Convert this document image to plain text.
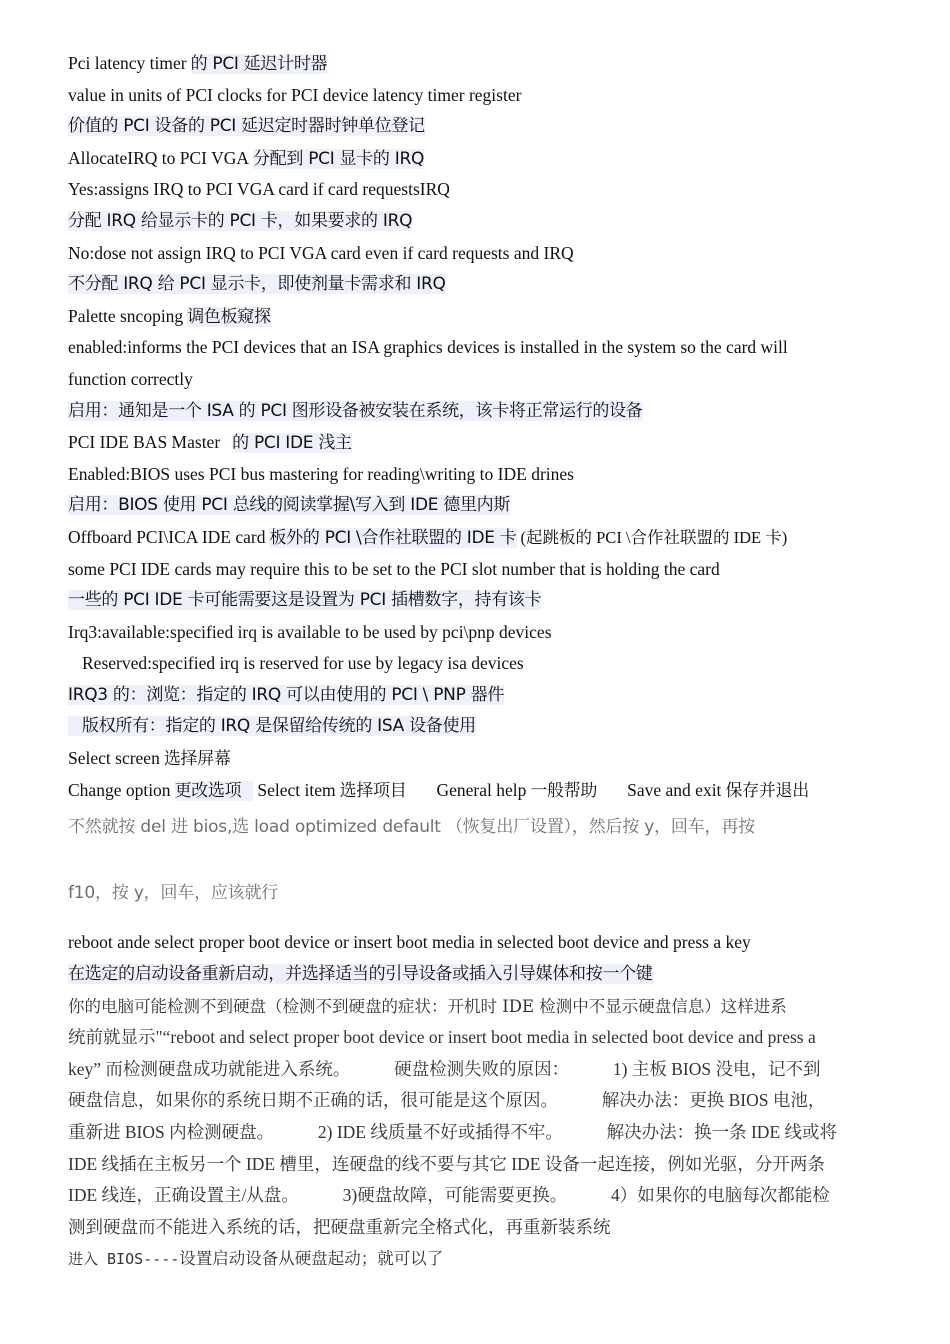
Pci latency timer 的 PCI 延迟计时器

value in units of PCI clocks for PCI device latency timer register

价值的 PCI 设备的 PCI 延迟定时器时钟单位登记

AllocateIRQ to PCI VGA 分配到 PCI 显卡的 IRQ

Yes:assigns IRQ to PCI VGA card if card requestsIRQ

分配 IRQ 给显示卡的 PCI 卡，如果要求的 IRQ

No:dose not assign IRQ to PCI VGA card even if card requests and IRQ

不分配 IRQ 给 PCI 显示卡，即使剂量卡需求和 IRQ

Palette sncoping 调色板窥探

enabled:informs the PCI devices that an ISA graphics devices is installed in the system so the card will

function correctly

启用：通知是一个 ISA 的 PCI 图形设备被安装在系统，该卡将正常运行的设备

PCI IDE BAS Master 的 PCI IDE 浅主

Enabled:BIOS uses PCI bus mastering for reading\writing to IDE drines

启用：BIOS 使用 PCI 总线的阅读掌握\写入到 IDE 德里内斯

Offboard PCI\ICA IDE card 板外的 PCI \合作社联盟的 IDE 卡 (起跳板的 PCI \合作社联盟的 IDE 卡)

some PCI IDE cards may require this to be set to the PCI slot number that is holding the card

一些的 PCI IDE 卡可能需要这是设置为 PCI 插槽数字，持有该卡

Irq3:available:specified irq is available to be used by pci\pnp devices

Reserved:specified irq is reserved for use by legacy isa devices

IRQ3 的：浏览：指定的 IRQ 可以由使用的 PCI \ PNP 器件

版权所有：指定的 IRQ 是保留给传统的 ISA 设备使用

Select screen 选择屏幕

Change option 更改选项 Select item 选择项目 General help 一般帮助 Save and exit 保存并退出

不然就按 del 进 bios,选 load optimized default （恢复出厂设置），然后按 y，回车，再按

f10，按 y，回车，应该就行

reboot ande select proper boot device or insert boot media in selected boot device and press a key

在选定的启动设备重新启动，并选择适当的引导设备或插入引导媒体和按一个键

你的电脑可能检测不到硬盘（检测不到硬盘的症状：开机时 IDE 检测中不显示硬盘信息）这样进系
统前就显示"“reboot and select proper boot device or insert boot media in selected boot device and press a
key” 而检测硬盘成功就能进入系统。　　　硬盘检测失败的原因：　　　1) 主板 BIOS 没电，记不到
硬盘信息，如果你的系统日期不正确的话，很可能是这个原因。　　　解决办法：更换 BIOS 电池，
重新进 BIOS 内检测硬盘。　　　2) IDE 线质量不好或插得不牢。　　　解决办法：换一条 IDE 线或将
IDE 线插在主板另一个 IDE 槽里，连硬盘的线不要与其它 IDE 设备一起连接，例如光驱，分开两条
IDE 线连，正确设置主/从盘。　　　3)硬盘故障，可能需要更换。　　　4）如果你的电脑每次都能检
测到硬盘而不能进入系统的话，把硬盘重新完全格式化，再重新装系统
进入 BIOS----设置启动设备从硬盘起动；就可以了
